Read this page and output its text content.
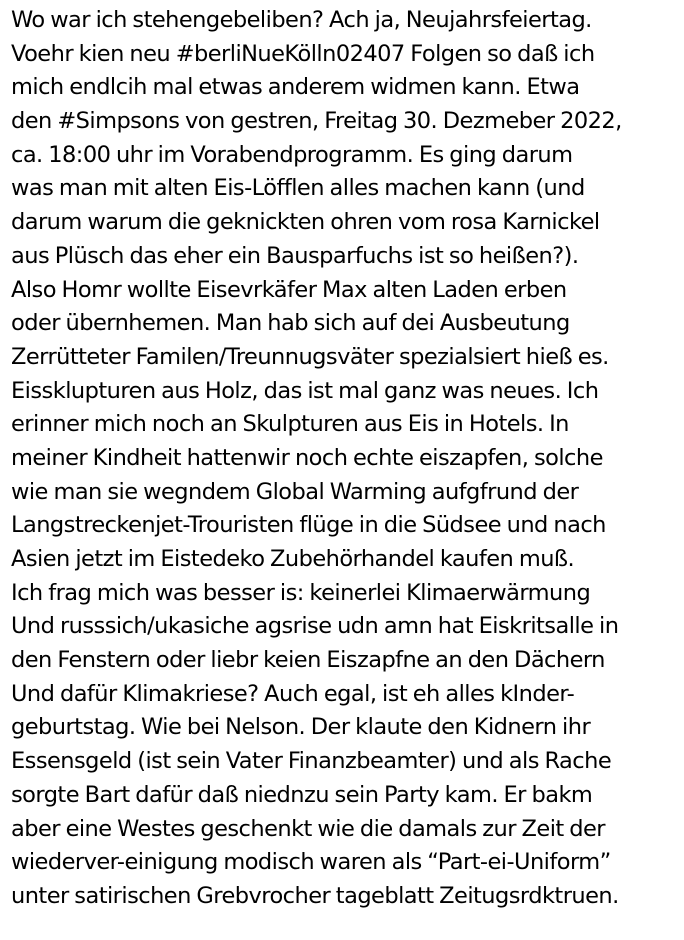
Wo war ich stehengebeliben? Ach ja, Neujahrsfeiertag.
Voehr kien neu #berliNueKölln02407 Folgen so daß ich
mich endlcih mal etwas anderem widmen kann. Etwa
den #Simpsons von gestren, Freitag 30. Dezmeber 2022,
ca. 18:00 uhr im Vorabendprogramm. Es ging darum
was man mit alten Eis-Löfflen alles machen kann (und
darum warum die geknickten ohren vom rosa Karnickel
aus Plüsch das eher ein Bausparfuchs ist so heißen?).
Also Homr wollte Eisevrkäfer Max alten Laden erben
oder übernhemen. Man hab sich auf dei Ausbeutung
Zerrütteter Familen/Treunnugsväter spezialsiert hieß es.
Eissklupturen aus Holz, das ist mal ganz was neues. Ich
erinner mich noch an Skulpturen aus Eis in Hotels. In
meiner Kindheit hattenwir noch echte eiszapfen, solche
wie man sie wegndem Global Warming aufgfrund der
Langstreckenjet-Trouristen flüge in die Südsee und nach
Asien jetzt im Eistedeko Zubehörhandel kaufen muß.
Ich frag mich was besser is: keinerlei Klimaerwärmung
Und russsich/ukasiche agsrise udn amn hat Eiskritsalle in
den Fenstern oder liebr keien Eiszapfne an den Dächern
Und dafür Klimakriese? Auch egal, ist eh alles kInder-
geburtstag. Wie bei Nelson. Der klaute den Kidnern ihr
Essensgeld (ist sein Vater Finanzbeamter) und als Rache
sorgte Bart dafür daß niednzu sein Party kam. Er bakm
aber eine Westes geschenkt wie die damals zur Zeit der
wiederver-einigung modisch waren als “Part-ei-Uniform”
unter satirischen Grebvrocher tageblatt Zeitugsrdktruen.
